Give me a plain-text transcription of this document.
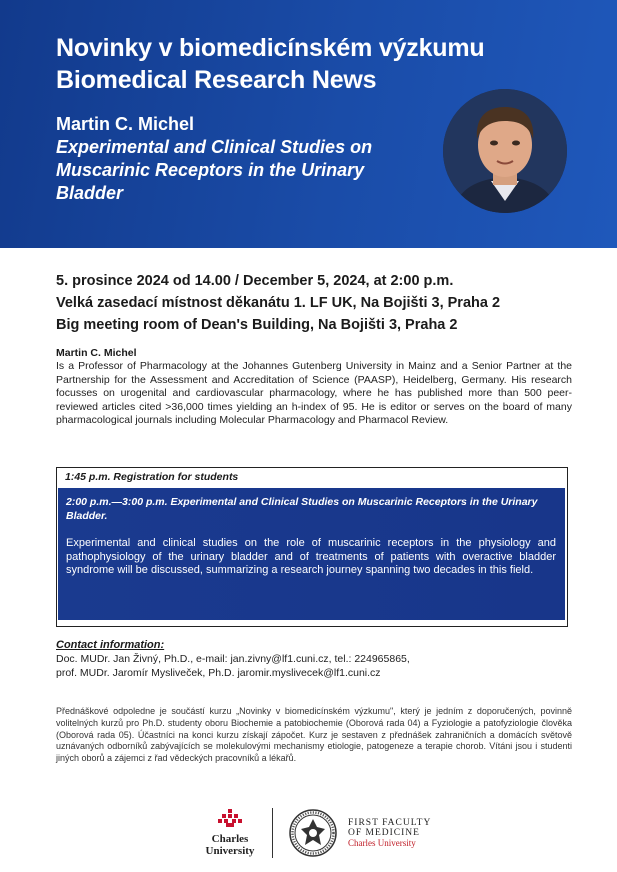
Novinky v biomedicínském výzkumu
Biomedical Research News
Martin C. Michel
Experimental and Clinical Studies on Muscarinic Receptors in the Urinary Bladder
5. prosince 2024 od 14.00 / December 5, 2024, at 2:00 p.m.
Velká zasedací místnost děkanátu 1. LF UK, Na Bojišti 3, Praha 2
Big meeting room of Dean's Building, Na Bojišti 3, Praha 2
Martin C. Michel
Is a Professor of Pharmacology at the Johannes Gutenberg University in Mainz and a Senior Partner at the Partnership for the Assessment and Accreditation of Science (PAASP), Heidelberg, Germany. His research focusses on urogenital and cardiovascular pharmacology, where he has published more than 500 peer-reviewed articles cited >36,000 times yielding an h-index of 95. He is editor or serves on the board of many pharmacological journals including Molecular Pharmacology and Pharmacol Review.
1:45 p.m. Registration for students
2:00 p.m.—3:00 p.m. Experimental and Clinical Studies on Muscarinic Receptors in the Urinary Bladder.
Experimental and clinical studies on the role of muscarinic receptors in the physiology and pathophysiology of the urinary bladder and of treatments of patients with overactive bladder syndrome will be discussed, summarizing a research journey spanning two decades in this field.
Contact information:
Doc. MUDr. Jan Živný, Ph.D., e-mail: jan.zivny@lf1.cuni.cz, tel.: 224965865,
prof. MUDr. Jaromír Mysliveček, Ph.D. jaromir.myslivecek@lf1.cuni.cz
Přednáškové odpoledne je součástí kurzu „Novinky v biomedicínském výzkumu", který je jedním z doporučených, povinně volitelných kurzů pro Ph.D. studenty oboru Biochemie a patobiochemie (Oborová rada 04) a Fyziologie a patofyziologie člověka (Oborová rada 05). Účastníci na konci kurzu získají zápočet. Kurz je sestaven z přednášek zahraničních a domácích světově uznávaných odborníků zabývajících se molekulovými mechanismy etiologie, patogeneze a terapie chorob. Vítáni jsou i studenti jiných oborů a zájemci z řad vědeckých pracovníků a lékařů.
Charles
University
FIRST FACULTY
OF MEDICINE
Charles University
